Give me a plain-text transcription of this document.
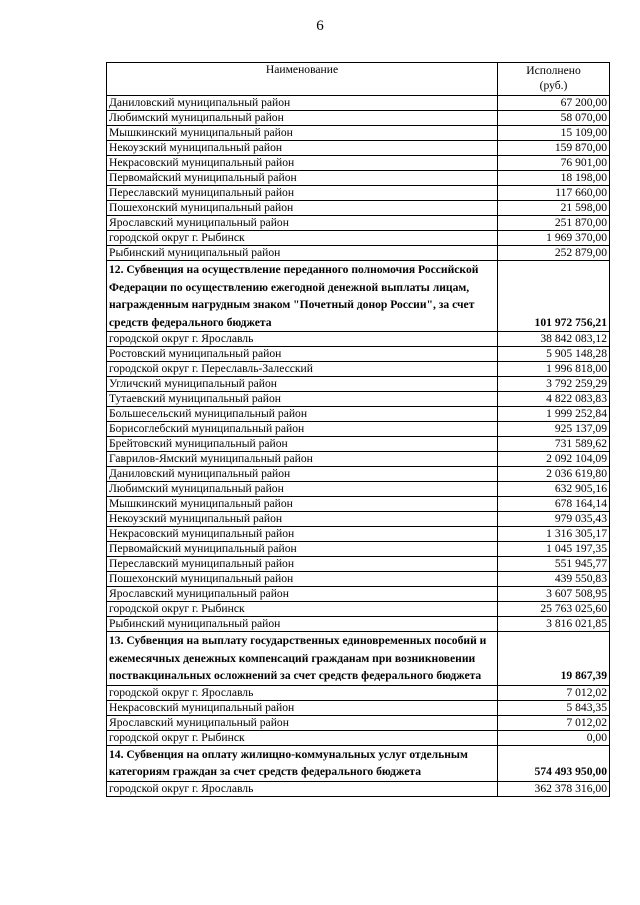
6
Наименование	Исполнено
(руб.)

Даниловский муниципальный район	67 200,00
Любимский муниципальный район	58 070,00
Мышкинский муниципальный район	15 109,00
Некоузский муниципальный район	159 870,00
Некрасовский муниципальный район	76 901,00
Первомайский муниципальный район	18 198,00
Переславский муниципальный район	117 660,00
Пошехонский муниципальный район	21 598,00
Ярославский муниципальный район	251 870,00
городской округ г. Рыбинск	1 969 370,00
Рыбинский муниципальный район	252 879,00
12. Субвенция на осуществление переданного полномочия Российской Федерации по осуществлению ежегодной денежной выплаты лицам, награжденным нагрудным знаком "Почетный донор России", за счет средств федерального бюджета	101 972 756,21
городской округ г. Ярославль	38 842 083,12
Ростовский муниципальный район	5 905 148,28
городской округ г. Переславль-Залесский	1 996 818,00
Угличский муниципальный район	3 792 259,29
Тутаевский муниципальный район	4 822 083,83
Большесельский муниципальный район	1 999 252,84
Борисоглебский муниципальный район	925 137,09
Брейтовский муниципальный район	731 589,62
Гаврилов-Ямский муниципальный район	2 092 104,09
Даниловский муниципальный район	2 036 619,80
Любимский муниципальный район	632 905,16
Мышкинский муниципальный район	678 164,14
Некоузский муниципальный район	979 035,43
Некрасовский муниципальный район	1 316 305,17
Первомайский муниципальный район	1 045 197,35
Переславский муниципальный район	551 945,77
Пошехонский муниципальный район	439 550,83
Ярославский муниципальный район	3 607 508,95
городской округ г. Рыбинск	25 763 025,60
Рыбинский муниципальный район	3 816 021,85
13. Субвенция на выплату государственных единовременных пособий и ежемесячных денежных компенсаций гражданам при возникновении поствакцинальных осложнений за счет средств федерального бюджета	19 867,39
городской округ г. Ярославль	7 012,02
Некрасовский муниципальный район	5 843,35
Ярославский муниципальный район	7 012,02
городской округ г. Рыбинск	0,00
14. Субвенция на оплату жилищно-коммунальных услуг отдельным категориям граждан за счет средств федерального бюджета	574 493 950,00
городской округ г. Ярославль	362 378 316,00
